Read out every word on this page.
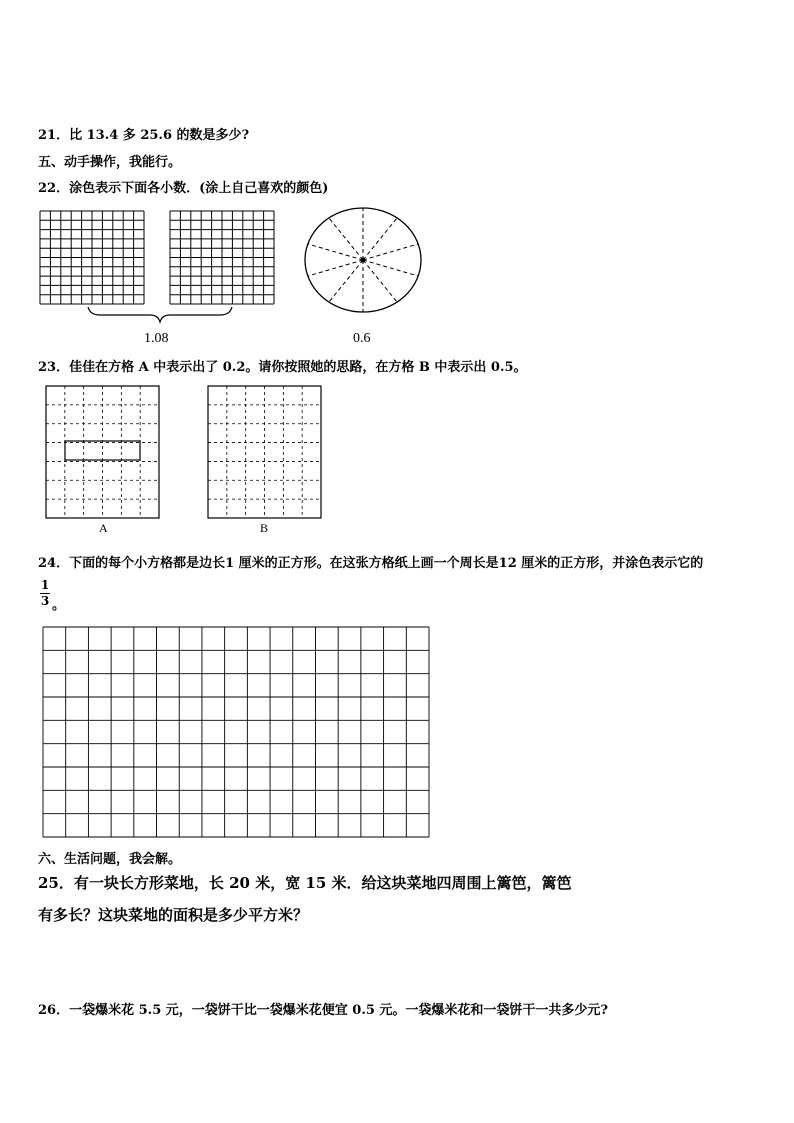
21．比 13.4 多 25.6 的数是多少?
五、动手操作，我能行。
22．涂色表示下面各小数．(涂上自己喜欢的颜色)
1.08	0.6
23．佳佳在方格 A 中表示出了 0.2。请你按照她的思路，在方格 B 中表示出 0.5。
A	B
24．下面的每个小方格都是边长1 厘米的正方形。在这张方格纸上画一个周长是12 厘米的正方形，并涂色表示它的
$\frac{1}{3}$ 。
六、生活问题，我会解。
25．有一块长方形菜地，长 20 米，宽 15 米．给这块菜地四周围上篱笆，篱笆
有多长？这块菜地的面积是多少平方米？
26．一袋爆米花 5.5 元，一袋饼干比一袋爆米花便宜 0.5 元。一袋爆米花和一袋饼干一共多少元?
